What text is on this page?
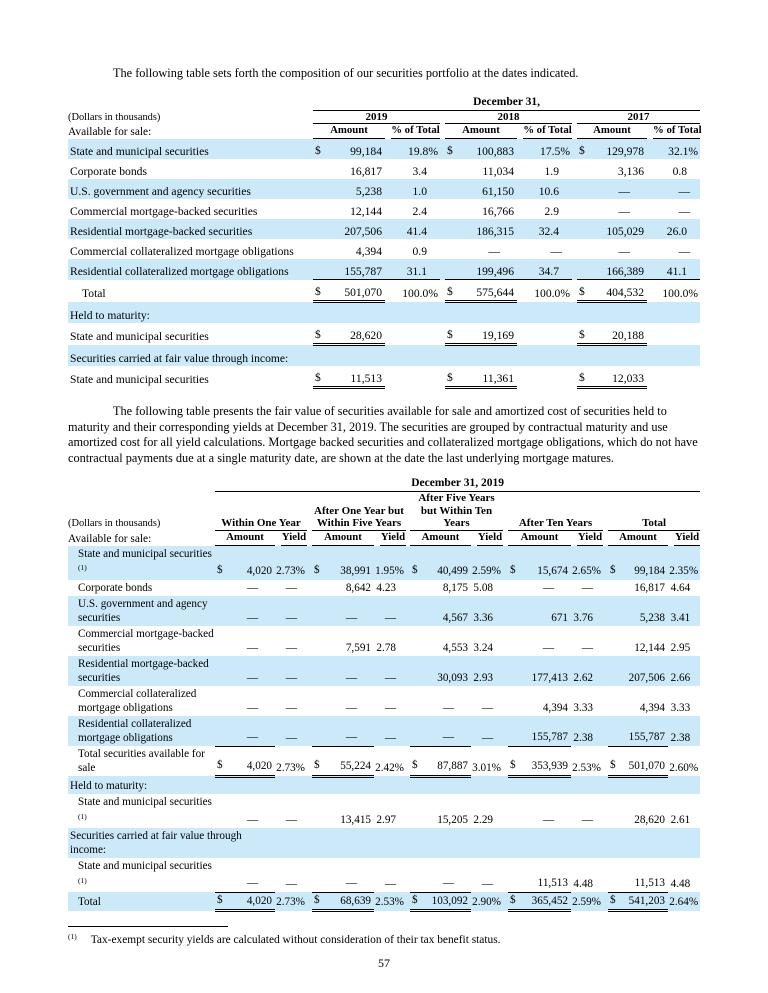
The following table sets forth the composition of our securities portfolio at the dates indicated.

	December 31,							
(Dollars in thousands)	2019			2018			2017	
Available for sale:	Amount	% of Total		Amount	% of Total		Amount	% of Total

State and municipal securities	$ 99,184	19.8%		$ 100,883	17.5%		$ 129,978	32.1%

Corporate bonds	16,817	3.4		11,034	1.9		3,136	0.8

U.S. government and agency securities	5,238	1.0		61,150	10.6		—	—

Commercial mortgage-backed securities	12,144	2.4		16,766	2.9		—	—

Residential mortgage-backed securities	207,506	41.4		186,315	32.4		105,029	26.0

Commercial collateralized mortgage obligations	4,394	0.9		—	—		—	—

Residential collateralized mortgage obligations	155,787	31.1		199,496	34.7		166,389	41.1

Total	$ 501,070	100.0%		$ 575,644	100.0%		$ 404,532	100.0%

Held to maturity:								

State and municipal securities	$ 28,620			$ 19,169			$ 20,188	

Securities carried at fair value through income:								

State and municipal securities	$ 11,513			$ 11,361			$ 12,033	

The following table presents the fair value of securities available for sale and amortized cost of securities held to maturity and their corresponding yields at December 31, 2019. The securities are grouped by contractual maturity and use amortized cost for all yield calculations. Mortgage backed securities and collateralized mortgage obligations, which do not have contractual payments due at a single maturity date, are shown at the date the last underlying mortgage matures.

	December 31, 2019													
(Dollars in thousands)	Within One Year			After One Year but Within Five Years			After Five Years but Within Ten Years			After Ten Years			Total	
Available for sale:	Amount	Yield		Amount	Yield		Amount	Yield		Amount	Yield		Amount	Yield

State and municipal securities $^{(1)}$	$ 4,020	2.73%		$ 38,991	1.95%		$ 40,499	2.59%		$ 15,674	2.65%		$ 99,184	2.35%

Corporate bonds	—	—		8,642	4.23		8,175	5.08		—	—		16,817	4.64

U.S. government and agency securities	—	—		—	—		4,567	3.36		671	3.76		5,238	3.41

Commercial mortgage-backed securities	—	—		7,591	2.78		4,553	3.24		—	—		12,144	2.95

Residential mortgage-backed securities	—	—		—	—		30,093	2.93		177,413	2.62		207,506	2.66

Commercial collateralized mortgage obligations	—	—		—	—		—	—		4,394	3.33		4,394	3.33

Residential collateralized mortgage obligations	—	—		—	—		—	—		155,787	2.38		155,787	2.38

Total securities available for sale	$ 4,020	2.73%		$ 55,224	2.42%		$ 87,887	3.01%		$ 353,939	2.53%		$ 501,070	2.60%

Held to maturity:														

State and municipal securities $^{(1)}$	—	—		13,415	2.97		15,205	2.29		—	—		28,620	2.61

Securities carried at fair value through income:														

State and municipal securities $^{(1)}$	—	—		—	—		—	—		11,513	4.48		11,513	4.48

Total	$ 4,020	2.73%		$ 68,639	2.53%		$ 103,092	2.90%		$ 365,452	2.59%		$ 541,203	2.64%
$^{(1)}$ Tax-exempt security yields are calculated without consideration of their tax benefit status.
57
